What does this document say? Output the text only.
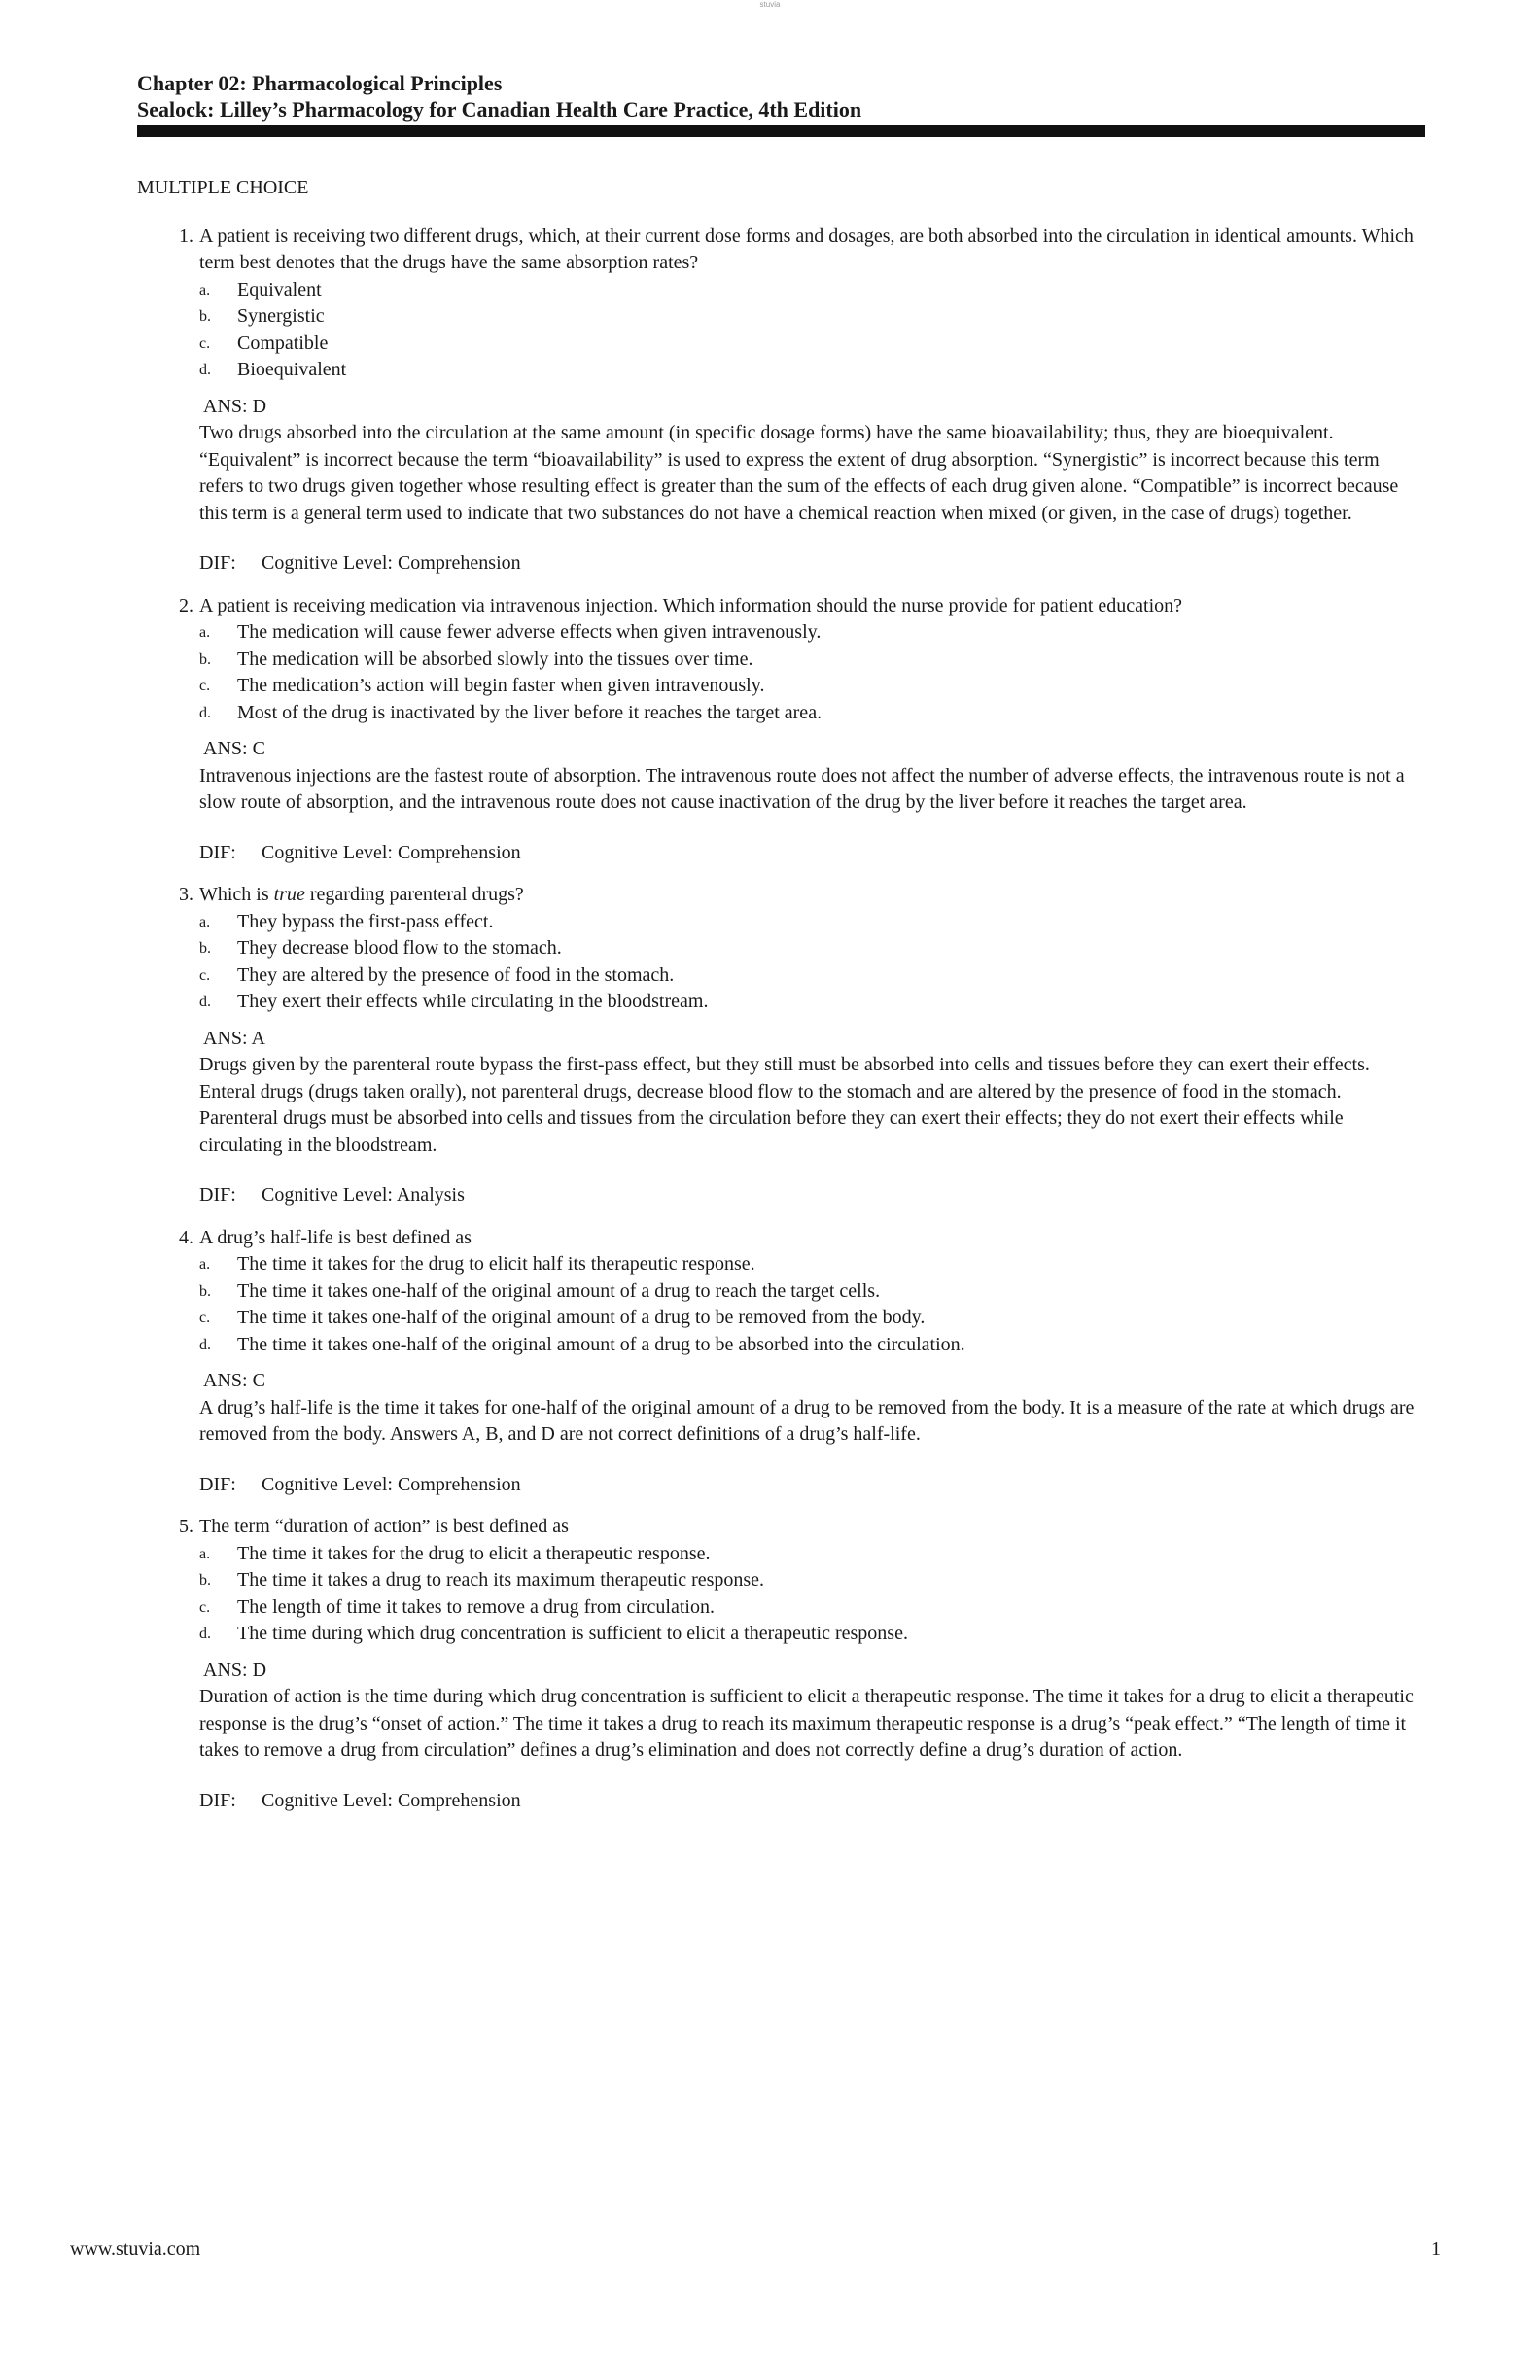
stuvia
Chapter 02: Pharmacological Principles
Sealock: Lilley’s Pharmacology for Canadian Health Care Practice, 4th Edition
MULTIPLE CHOICE
1. A patient is receiving two different drugs, which, at their current dose forms and dosages, are both absorbed into the circulation in identical amounts. Which term best denotes that the drugs have the same absorption rates?
a.	Equivalent
b.	Synergistic
c.	Compatible
d.	Bioequivalent
ANS: D
Two drugs absorbed into the circulation at the same amount (in specific dosage forms) have the same bioavailability; thus, they are bioequivalent. “Equivalent” is incorrect because the term “bioavailability” is used to express the extent of drug absorption. “Synergistic” is incorrect because this term refers to two drugs given together whose resulting effect is greater than the sum of the effects of each drug given alone. “Compatible” is incorrect because this term is a general term used to indicate that two substances do not have a chemical reaction when mixed (or given, in the case of drugs) together.
DIF:	Cognitive Level: Comprehension
2. A patient is receiving medication via intravenous injection. Which information should the nurse provide for patient education?
a.	The medication will cause fewer adverse effects when given intravenously.
b.	The medication will be absorbed slowly into the tissues over time.
c.	The medication’s action will begin faster when given intravenously.
d.	Most of the drug is inactivated by the liver before it reaches the target area.
ANS: C
Intravenous injections are the fastest route of absorption. The intravenous route does not affect the number of adverse effects, the intravenous route is not a slow route of absorption, and the intravenous route does not cause inactivation of the drug by the liver before it reaches the target area.
DIF:	Cognitive Level: Comprehension
3. Which is true regarding parenteral drugs?
a.	They bypass the first-pass effect.
b.	They decrease blood flow to the stomach.
c.	They are altered by the presence of food in the stomach.
d.	They exert their effects while circulating in the bloodstream.
ANS: A
Drugs given by the parenteral route bypass the first-pass effect, but they still must be absorbed into cells and tissues before they can exert their effects. Enteral drugs (drugs taken orally), not parenteral drugs, decrease blood flow to the stomach and are altered by the presence of food in the stomach. Parenteral drugs must be absorbed into cells and tissues from the circulation before they can exert their effects; they do not exert their effects while circulating in the bloodstream.
DIF:	Cognitive Level: Analysis
4. A drug’s half-life is best defined as
a.	The time it takes for the drug to elicit half its therapeutic response.
b.	The time it takes one-half of the original amount of a drug to reach the target cells.
c.	The time it takes one-half of the original amount of a drug to be removed from the body.
d.	The time it takes one-half of the original amount of a drug to be absorbed into the circulation.
ANS: C
A drug’s half-life is the time it takes for one-half of the original amount of a drug to be removed from the body. It is a measure of the rate at which drugs are removed from the body. Answers A, B, and D are not correct definitions of a drug’s half-life.
DIF:	Cognitive Level: Comprehension
5. The term “duration of action” is best defined as
a.	The time it takes for the drug to elicit a therapeutic response.
b.	The time it takes a drug to reach its maximum therapeutic response.
c.	The length of time it takes to remove a drug from circulation.
d.	The time during which drug concentration is sufficient to elicit a therapeutic response.
ANS: D
Duration of action is the time during which drug concentration is sufficient to elicit a therapeutic response. The time it takes for a drug to elicit a therapeutic response is the drug’s “onset of action.” The time it takes a drug to reach its maximum therapeutic response is a drug’s “peak effect.” “The length of time it takes to remove a drug from circulation” defines a drug’s elimination and does not correctly define a drug’s duration of action.
DIF:	Cognitive Level: Comprehension
www.stuvia.com	1
